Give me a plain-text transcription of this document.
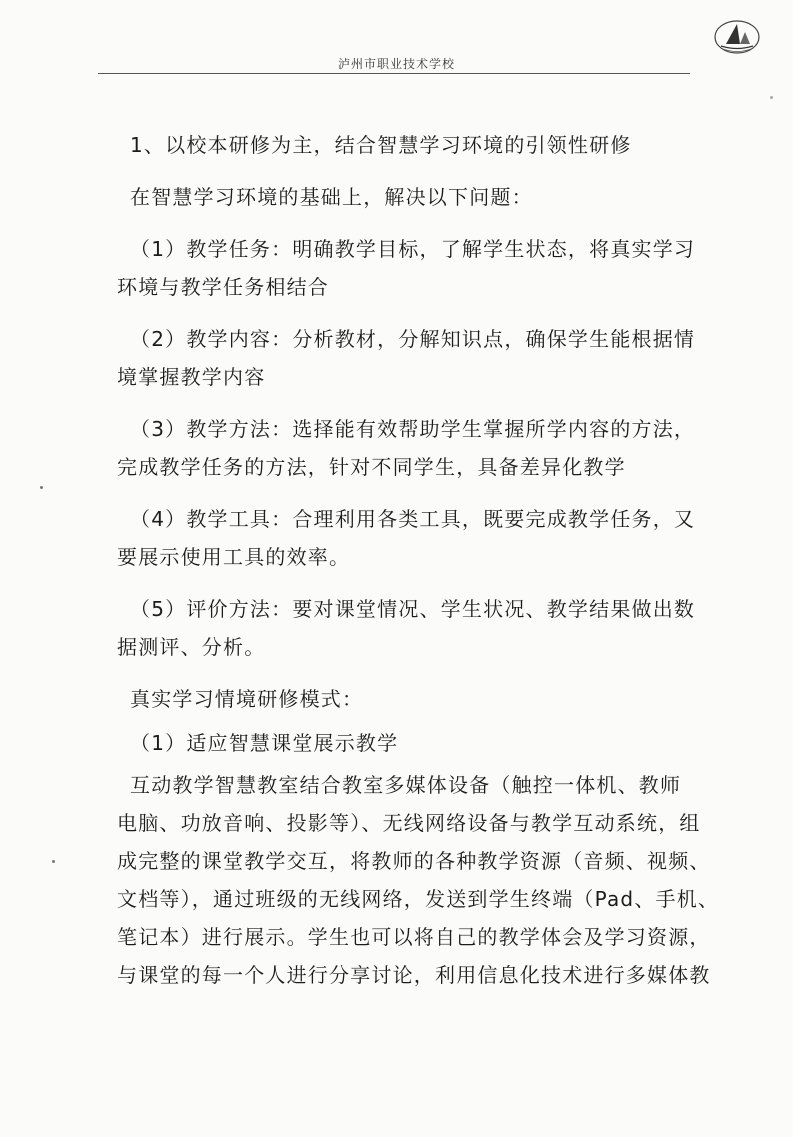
泸州市职业技术学校
1、以校本研修为主，结合智慧学习环境的引领性研修
在智慧学习环境的基础上，解决以下问题：
（1）教学任务：明确教学目标，了解学生状态，将真实学习
环境与教学任务相结合
（2）教学内容：分析教材，分解知识点，确保学生能根据情
境掌握教学内容
（3）教学方法：选择能有效帮助学生掌握所学内容的方法，
完成教学任务的方法，针对不同学生，具备差异化教学
（4）教学工具：合理利用各类工具，既要完成教学任务，又
要展示使用工具的效率。
（5）评价方法：要对课堂情况、学生状况、教学结果做出数
据测评、分析。
真实学习情境研修模式：
（1）适应智慧课堂展示教学
互动教学智慧教室结合教室多媒体设备（触控一体机、教师
电脑、功放音响、投影等）、无线网络设备与教学互动系统，组
成完整的课堂教学交互，将教师的各种教学资源（音频、视频、
文档等），通过班级的无线网络，发送到学生终端（Pad、手机、
笔记本）进行展示。学生也可以将自己的教学体会及学习资源，
与课堂的每一个人进行分享讨论，利用信息化技术进行多媒体教
